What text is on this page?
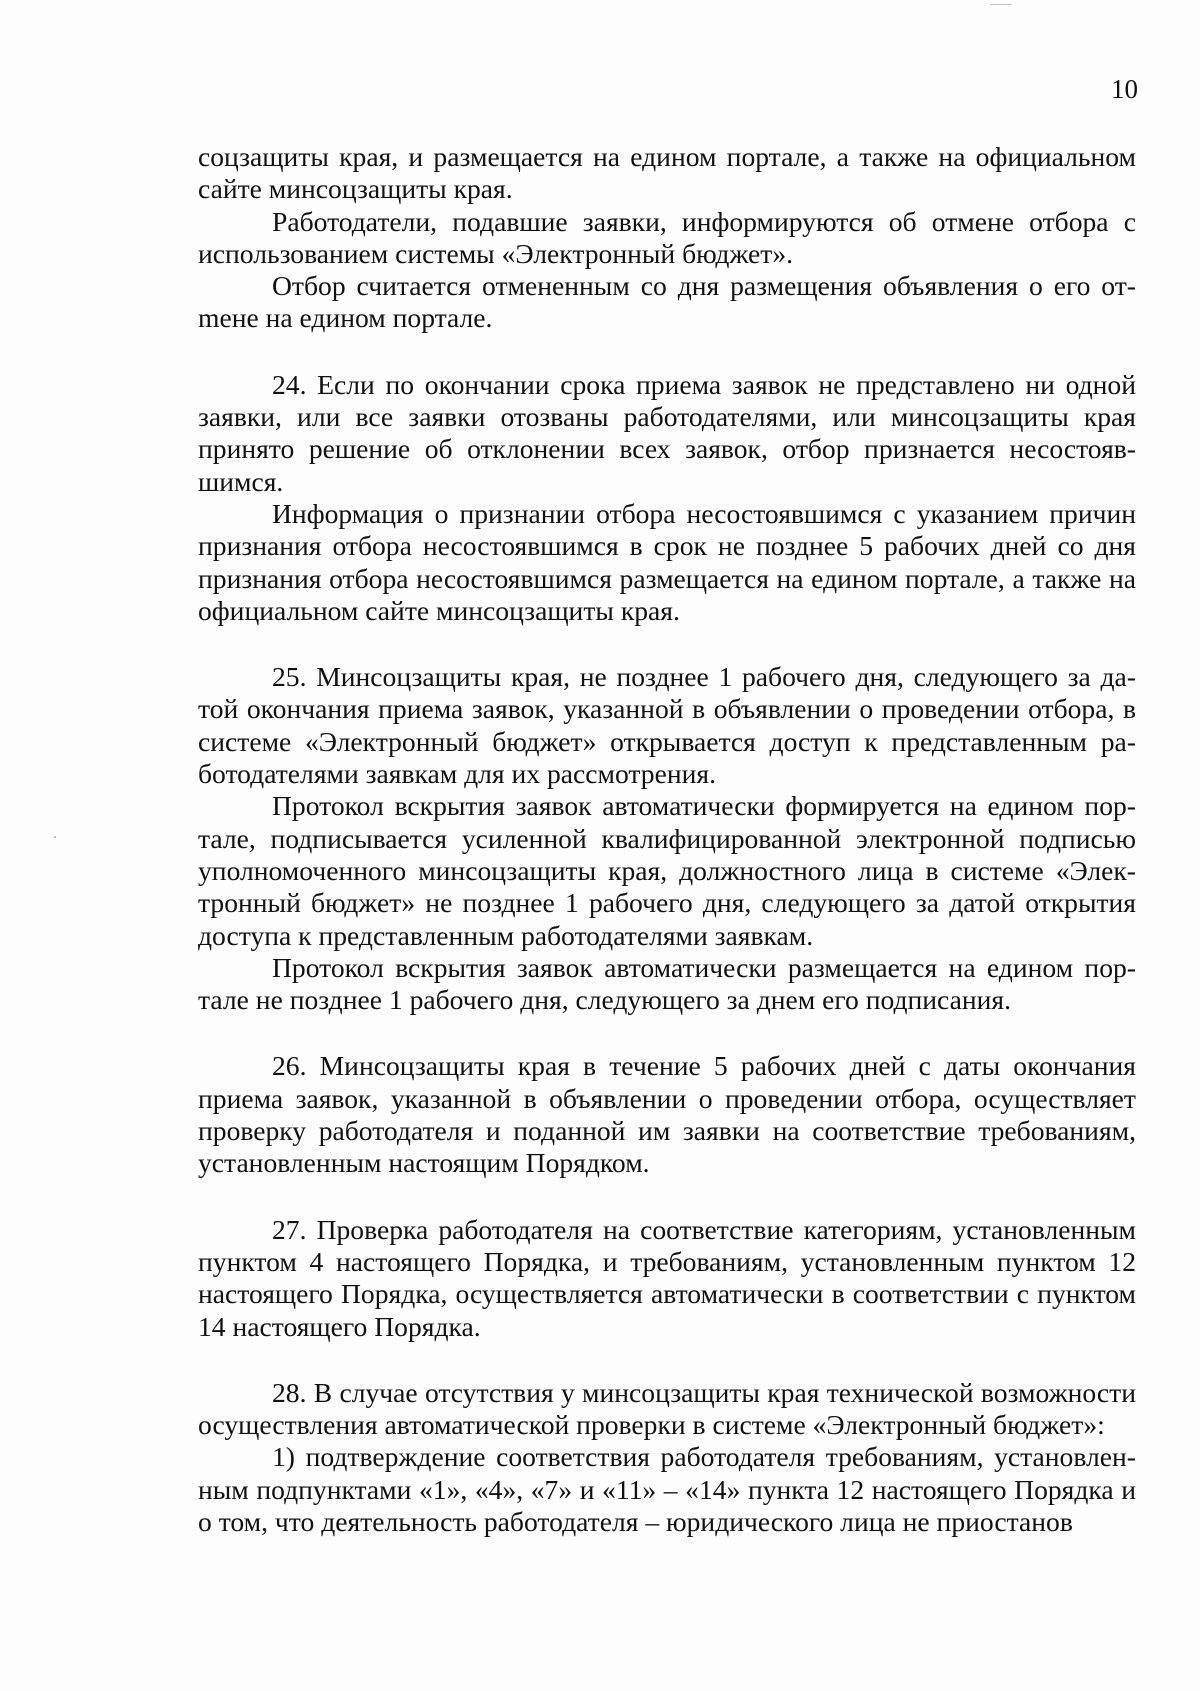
10

соцзащиты края, и размещается на едином портале, а также на официальном сайте минсоцзащиты края.

Работодатели, подавшие заявки, информируются об отмене отбора с использованием системы «Электронный бюджет».

Отбор считается отмененным со дня размещения объявления о его отmене на едином портале.

24. Если по окончании срока приема заявок не представлено ни одной заявки, или все заявки отозваны работодателями, или минсоцзащиты края принято решение об отклонении всех заявок, отбор признается несостоявшимся.

Информация о признании отбора несостоявшимся с указанием причин признания отбора несостоявшимся в срок не позднее 5 рабочих дней со дня признания отбора несостоявшимся размещается на едином портале, а также на официальном сайте минсоцзащиты края.

25. Минсоцзащиты края, не позднее 1 рабочего дня, следующего за датой окончания приема заявок, указанной в объявлении о проведении отбора, в системе «Электронный бюджет» открывается доступ к представленным работодателями заявкам для их рассмотрения.

Протокол вскрытия заявок автоматически формируется на едином портале, подписывается усиленной квалифицированной электронной подписью уполномоченного минсоцзащиты края, должностного лица в системе «Электронный бюджет» не позднее 1 рабочего дня, следующего за датой открытия доступа к представленным работодателями заявкам.

Протокол вскрытия заявок автоматически размещается на едином портале не позднее 1 рабочего дня, следующего за днем его подписания.

26. Минсоцзащиты края в течение 5 рабочих дней с даты окончания приема заявок, указанной в объявлении о проведении отбора, осуществляет проверку работодателя и поданной им заявки на соответствие требованиям, установленным настоящим Порядком.

27. Проверка работодателя на соответствие категориям, установленным пунктом 4 настоящего Порядка, и требованиям, установленным пунктом 12 настоящего Порядка, осуществляется автоматически в соответствии с пунктом 14 настоящего Порядка.

28. В случае отсутствия у минсоцзащиты края технической возможности осуществления автоматической проверки в системе «Электронный бюджет»:

1) подтверждение соответствия работодателя требованиям, установленным подпунктами «1», «4», «7» и «11» – «14» пункта 12 настоящего Порядка и о том, что деятельность работодателя – юридического лица не приостанов
